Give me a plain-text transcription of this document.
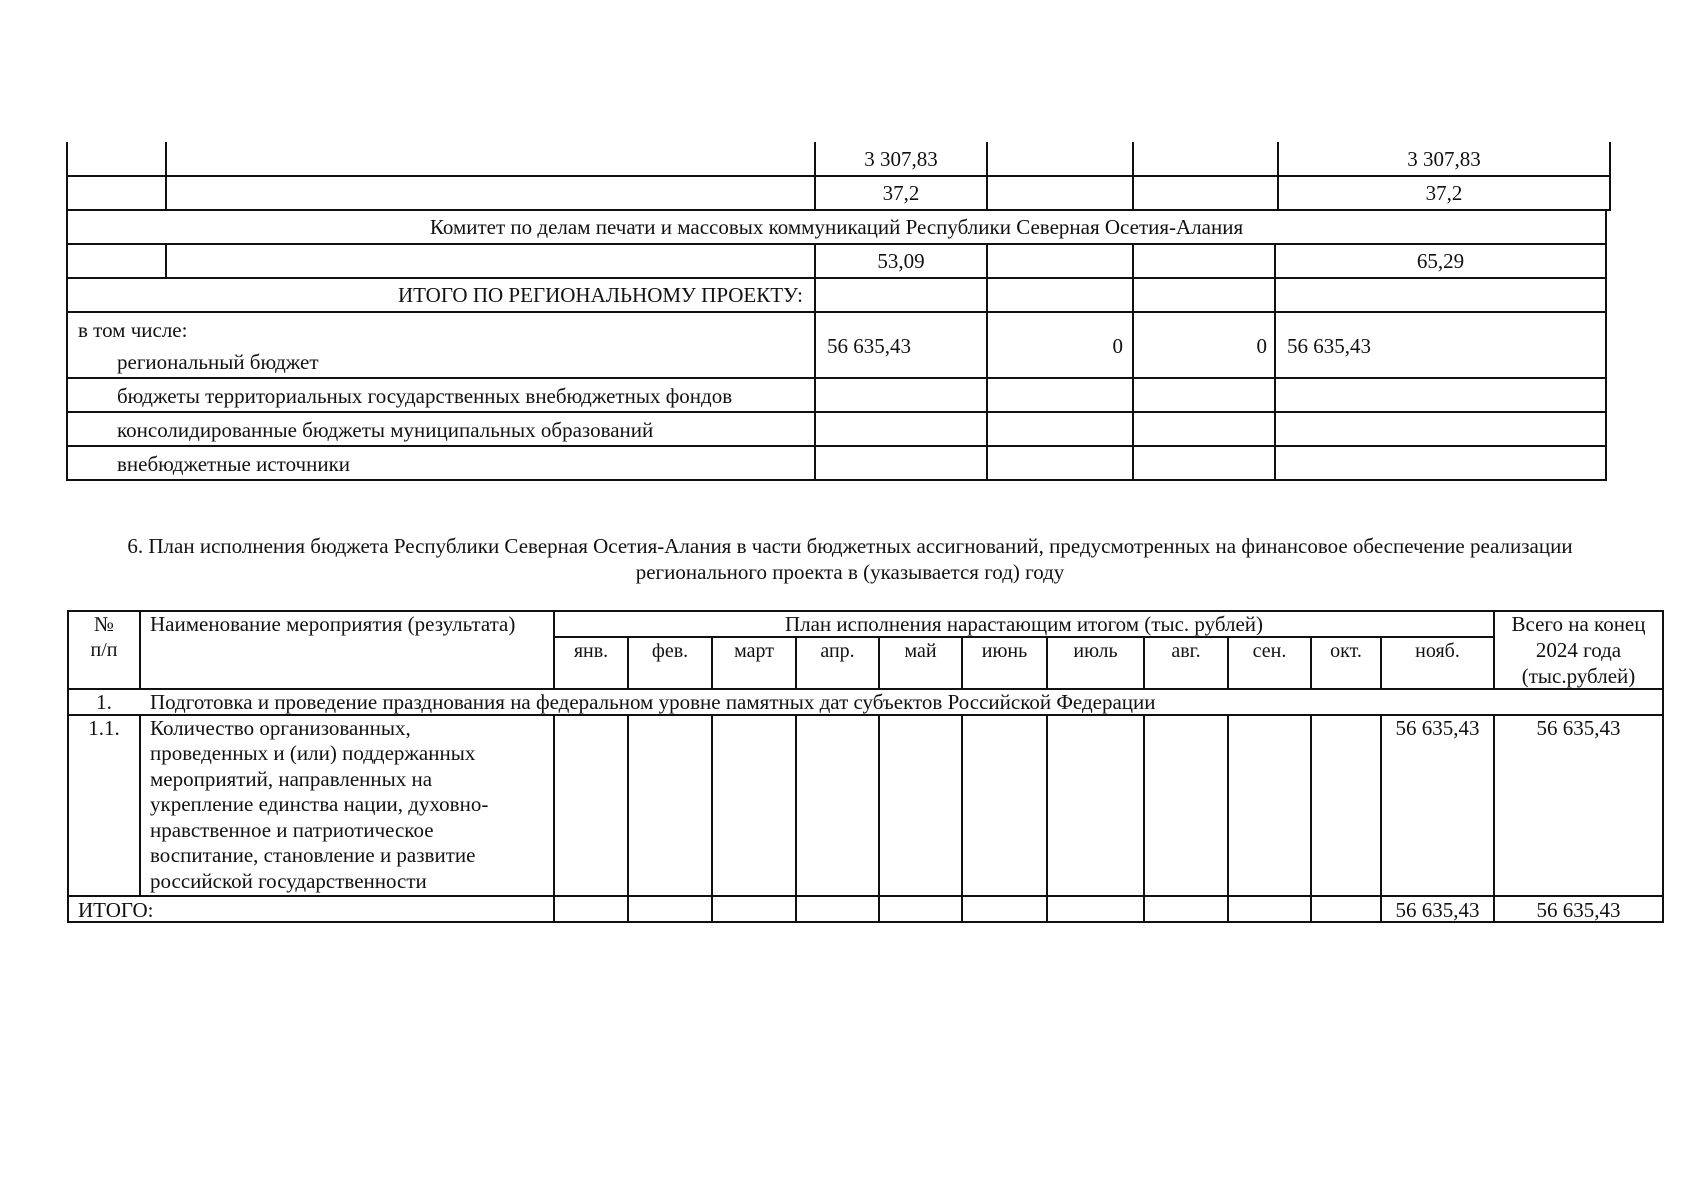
3 307,83	3 307,83
37,2	37,2
Комитет по делам печати и массовых коммуникаций Республики Северная Осетия-Алания
53,09	65,29
ИТОГО ПО РЕГИОНАЛЬНОМУ ПРОЕКТУ:
в том числе:
региональный бюджет
56 635,43	0	0 56 635,43
бюджеты территориальных государственных внебюджетных фондов
консолидированные бюджеты муниципальных образований
внебюджетные источники
6. План исполнения бюджета Республики Северная Осетия-Алания в части бюджетных ассигнований, предусмотренных на финансовое обеспечение реализации
регионального проекта в (указывается год) году
№
п/п
Наименование мероприятия (результата)	План исполнения нарастающим итогом (тыс. рублей)	Всего на конец
2024 года
(тыс.рублей)
янв.	фев.	март	апр.	май	июнь	июль	авг.	сен.	окт.	нояб.
1.	Подготовка и проведение празднования на федеральном уровне памятных дат субъектов Российской Федерации
1.1.	Количество организованных,
проведенных и (или) поддержанных
мероприятий, направленных на
укрепление единства нации, духовно-
нравственное и патриотическое
воспитание, становление и развитие
российской государственности
56 635,43	56 635,43
ИТОГО:	56 635,43	56 635,43
